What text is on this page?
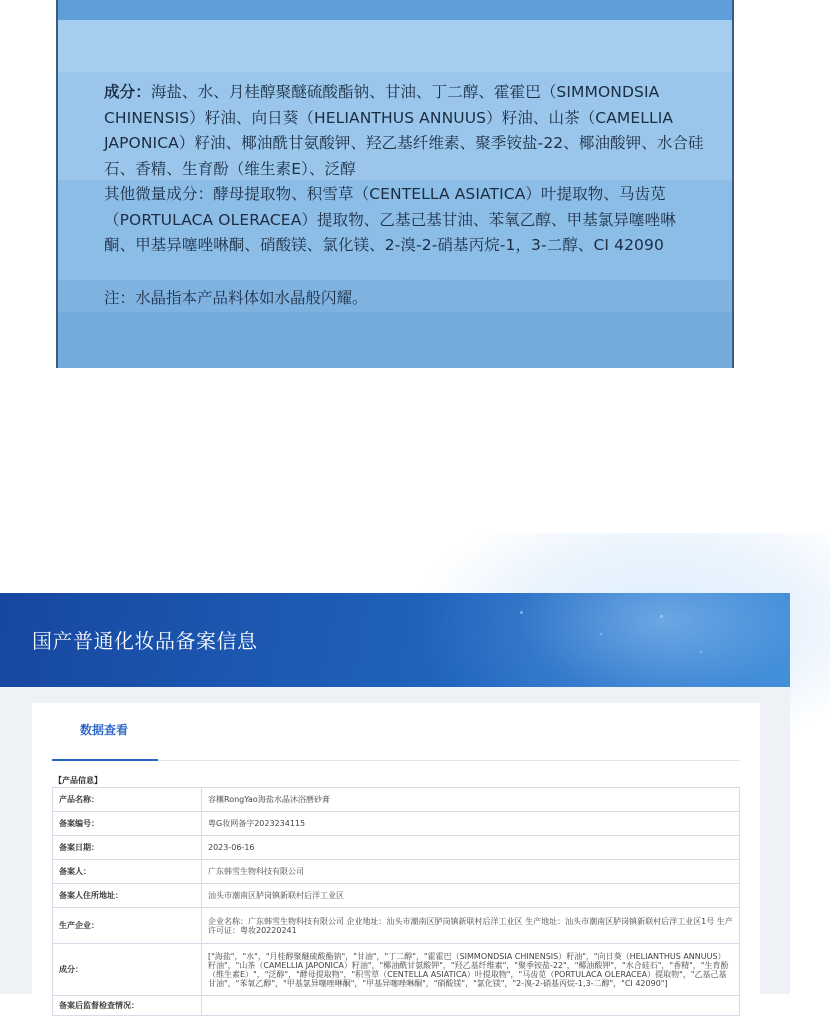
成分：海盐、水、月桂醇聚醚硫酸酯钠、甘油、丁二醇、霍霍巴（SIMMONDSIA CHINENSIS）籽油、向日葵（HELIANTHUS ANNUUS）籽油、山茶（CAMELLIA JAPONICA）籽油、椰油酰甘氨酸钾、羟乙基纤维素、聚季铵盐-22、椰油酸钾、水合硅石、香精、生育酚（维生素E）、泛醇

其他微量成分：酵母提取物、积雪草（CENTELLA ASIATICA）叶提取物、马齿苋（PORTULACA OLERACEA）提取物、乙基己基甘油、苯氧乙醇、甲基氯异噻唑啉酮、甲基异噻唑啉酮、硝酸镁、氯化镁、2-溴-2-硝基丙烷-1，3-二醇、CI 42090

注：水晶指本产品料体如水晶般闪耀。
国产普通化妆品备案信息
数据查看
【产品信息】
产品名称：	容穰RongYao海盐水晶沐浴磨砂膏
备案编号：	粤G妆网备字2023234115
备案日期：	2023-06-16
备案人：	广东韩雪生物科技有限公司
备案人住所地址：	汕头市潮南区胪岗镇新联村后洋工业区
生产企业：	企业名称：广东韩雪生物科技有限公司 企业地址：汕头市潮南区胪岗镇新联村后洋工业区 生产地址：汕头市潮南区胪岗镇新联村后洋工业区1号 生产许可证：粤妆20220241
成分：	["海盐"，"水"，"月桂醇聚醚硫酸酯钠"，"甘油"，"丁二醇"，"霍霍巴（SIMMONDSIA CHINENSIS）籽油"，"向日葵（HELIANTHUS ANNUUS）籽油"，"山茶（CAMELLIA JAPONICA）籽油"，"椰油酰甘氨酸钾"，"羟乙基纤维素"，"聚季铵盐-22"，"椰油酸钾"，"水合硅石"，"香精"，"生育酚（维生素E）"，"泛醇"，"酵母提取物"，"积雪草（CENTELLA ASIATICA）叶提取物"，"马齿苋（PORTULACA OLERACEA）提取物"，"乙基己基甘油"，"苯氧乙醇"，"甲基氯异噻唑啉酮"，"甲基异噻唑啉酮"，"硝酸镁"，"氯化镁"，"2-溴-2-硝基丙烷-1,3-二醇"，"CI 42090"]
备案后监督检查情况：	
